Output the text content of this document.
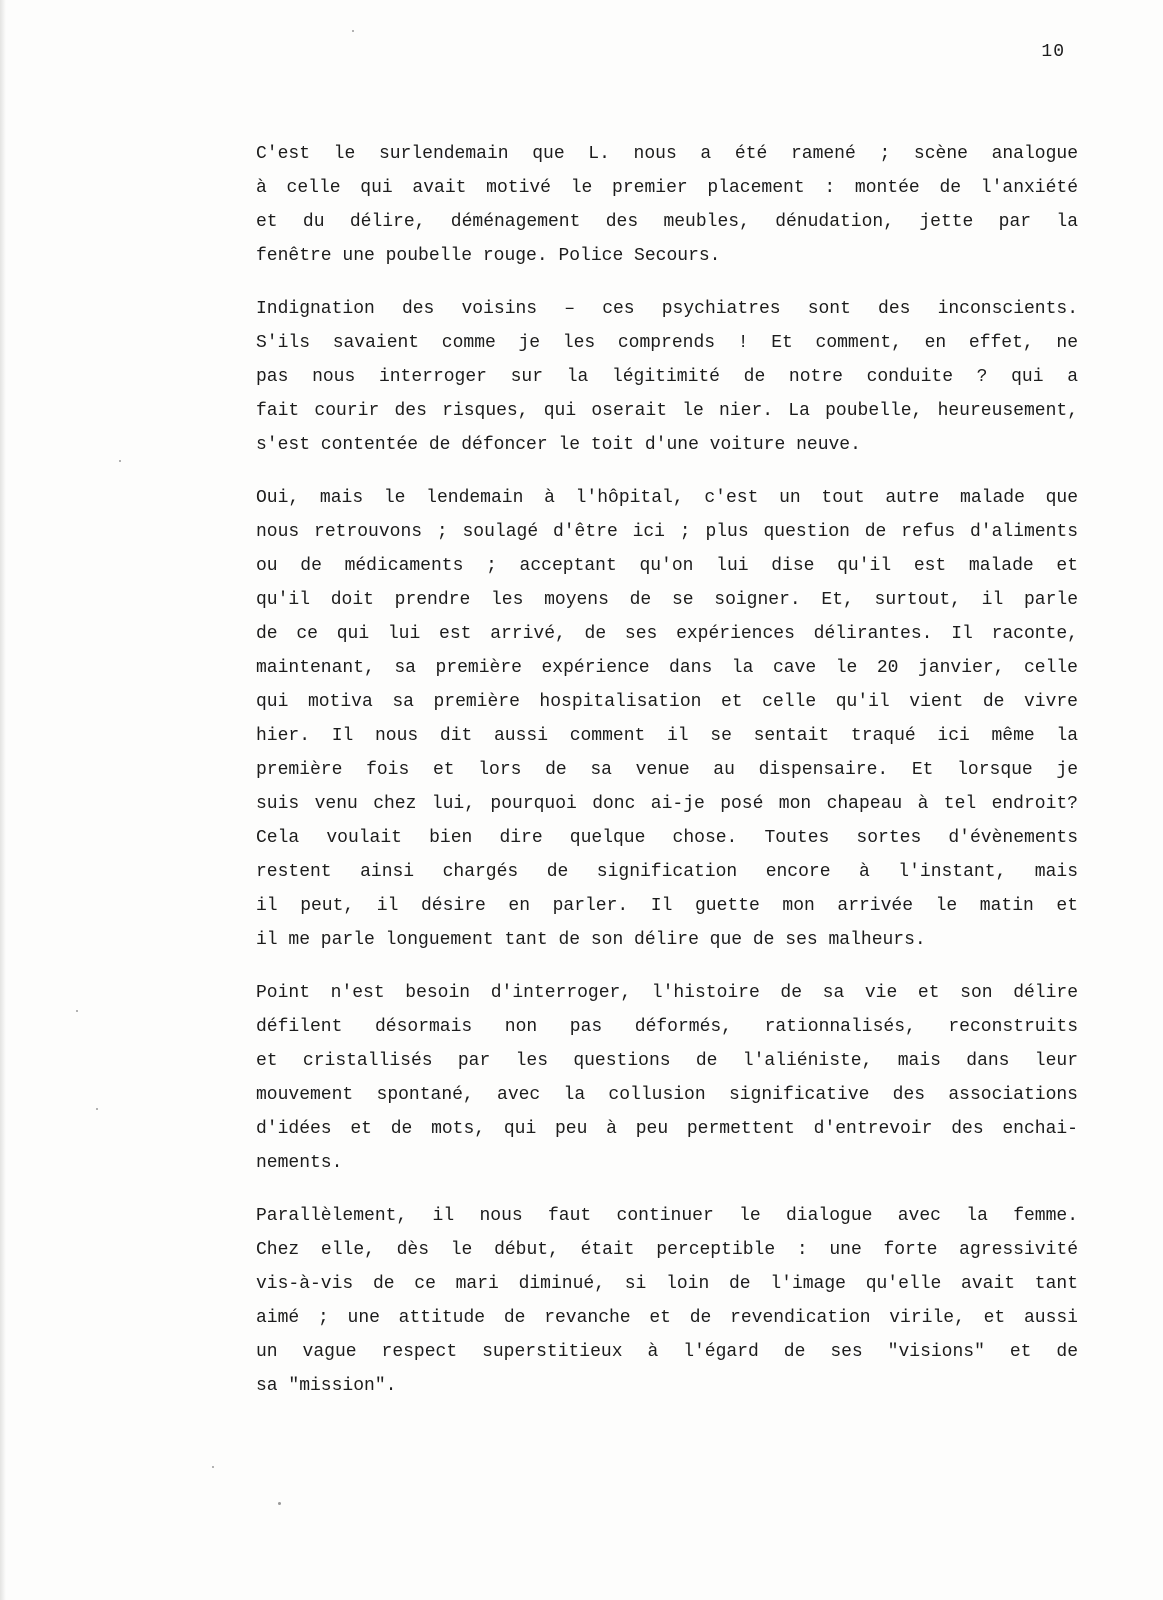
10
C'est le surlendemain que L. nous a été ramené ; scène analogue
à celle qui avait motivé le premier placement : montée de l'anxiété
et du délire, déménagement des meubles, dénudation, jette par la
fenêtre une poubelle rouge. Police Secours.
Indignation des voisins – ces psychiatres sont des inconscients.
S'ils savaient comme je les comprends ! Et comment, en effet, ne
pas nous interroger sur la légitimité de notre conduite ? qui a
fait courir des risques, qui oserait le nier. La poubelle, heureusement,
s'est contentée de défoncer le toit d'une voiture neuve.
Oui, mais le lendemain à l'hôpital, c'est un tout autre malade que
nous retrouvons ; soulagé d'être ici ; plus question de refus d'aliments
ou de médicaments ; acceptant qu'on lui dise qu'il est malade et
qu'il doit prendre les moyens de se soigner. Et, surtout, il parle
de ce qui lui est arrivé, de ses expériences délirantes. Il raconte,
maintenant, sa première expérience dans la cave le 20 janvier, celle
qui motiva sa première hospitalisation et celle qu'il vient de vivre
hier. Il nous dit aussi comment il se sentait traqué ici même la
première fois et lors de sa venue au dispensaire. Et lorsque je
suis venu chez lui, pourquoi donc ai-je posé mon chapeau à tel endroit?
Cela voulait bien dire quelque chose. Toutes sortes d'évènements
restent ainsi chargés de signification encore à l'instant, mais
il peut, il désire en parler. Il guette mon arrivée le matin et
il me parle longuement tant de son délire que de ses malheurs.
Point n'est besoin d'interroger, l'histoire de sa vie et son délire
défilent désormais non pas déformés, rationnalisés, reconstruits
et cristallisés par les questions de l'aliéniste, mais dans leur
mouvement spontané, avec la collusion significative des associations
d'idées et de mots, qui peu à peu permettent d'entrevoir des enchai-
nements.
Parallèlement, il nous faut continuer le dialogue avec la femme.
Chez elle, dès le début, était perceptible : une forte agressivité
vis-à-vis de ce mari diminué, si loin de l'image qu'elle avait tant
aimé ; une attitude de revanche et de revendication virile, et aussi
un vague respect superstitieux à l'égard de ses "visions" et de
sa "mission".
